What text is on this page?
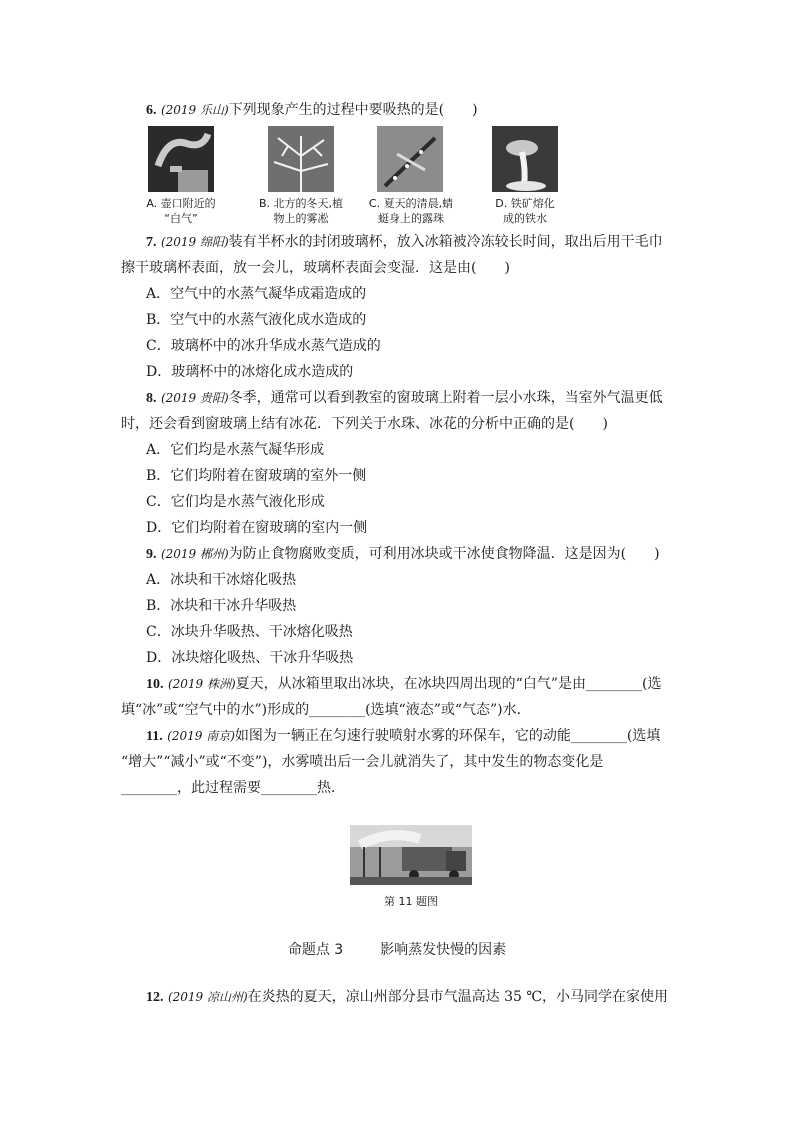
6. (2019 乐山)下列现象产生的过程中要吸热的是(　　)
A. 壶口附近的
“白气”
B. 北方的冬天,植
物上的雾凇
C. 夏天的清晨,蜻
蜓身上的露珠
D. 铁矿熔化
成的铁水
7. (2019 绵阳)装有半杯水的封闭玻璃杯，放入冰箱被冷冻较长时间，取出后用干毛巾
擦干玻璃杯表面，放一会儿，玻璃杯表面会变湿．这是由(　　)
A．空气中的水蒸气凝华成霜造成的
B．空气中的水蒸气液化成水造成的
C．玻璃杯中的冰升华成水蒸气造成的
D．玻璃杯中的冰熔化成水造成的
8. (2019 贵阳)冬季，通常可以看到教室的窗玻璃上附着一层小水珠，当室外气温更低
时，还会看到窗玻璃上结有冰花．下列关于水珠、冰花的分析中正确的是(　　)
A．它们均是水蒸气凝华形成
B．它们均附着在窗玻璃的室外一侧
C．它们均是水蒸气液化形成
D．它们均附着在窗玻璃的室内一侧
9. (2019 郴州)为防止食物腐败变质，可利用冰块或干冰使食物降温．这是因为(　　)
A．冰块和干冰熔化吸热
B．冰块和干冰升华吸热
C．冰块升华吸热、干冰熔化吸热
D．冰块熔化吸热、干冰升华吸热
10. (2019 株洲)夏天，从冰箱里取出冰块，在冰块四周出现的“白气”是由________(选
填“冰”或“空气中的水”)形成的________(选填“液态”或“气态”)水．
11. (2019 南京)如图为一辆正在匀速行驶喷射水雾的环保车，它的动能________(选填
“增大”“减小”或“不变”)，水雾喷出后一会儿就消失了，其中发生的物态变化是
________，此过程需要________热．
第 11 题图
命题点 3	影响蒸发快慢的因素
12. (2019 凉山州)在炎热的夏天，凉山州部分县市气温高达 35 ℃，小马同学在家使用
